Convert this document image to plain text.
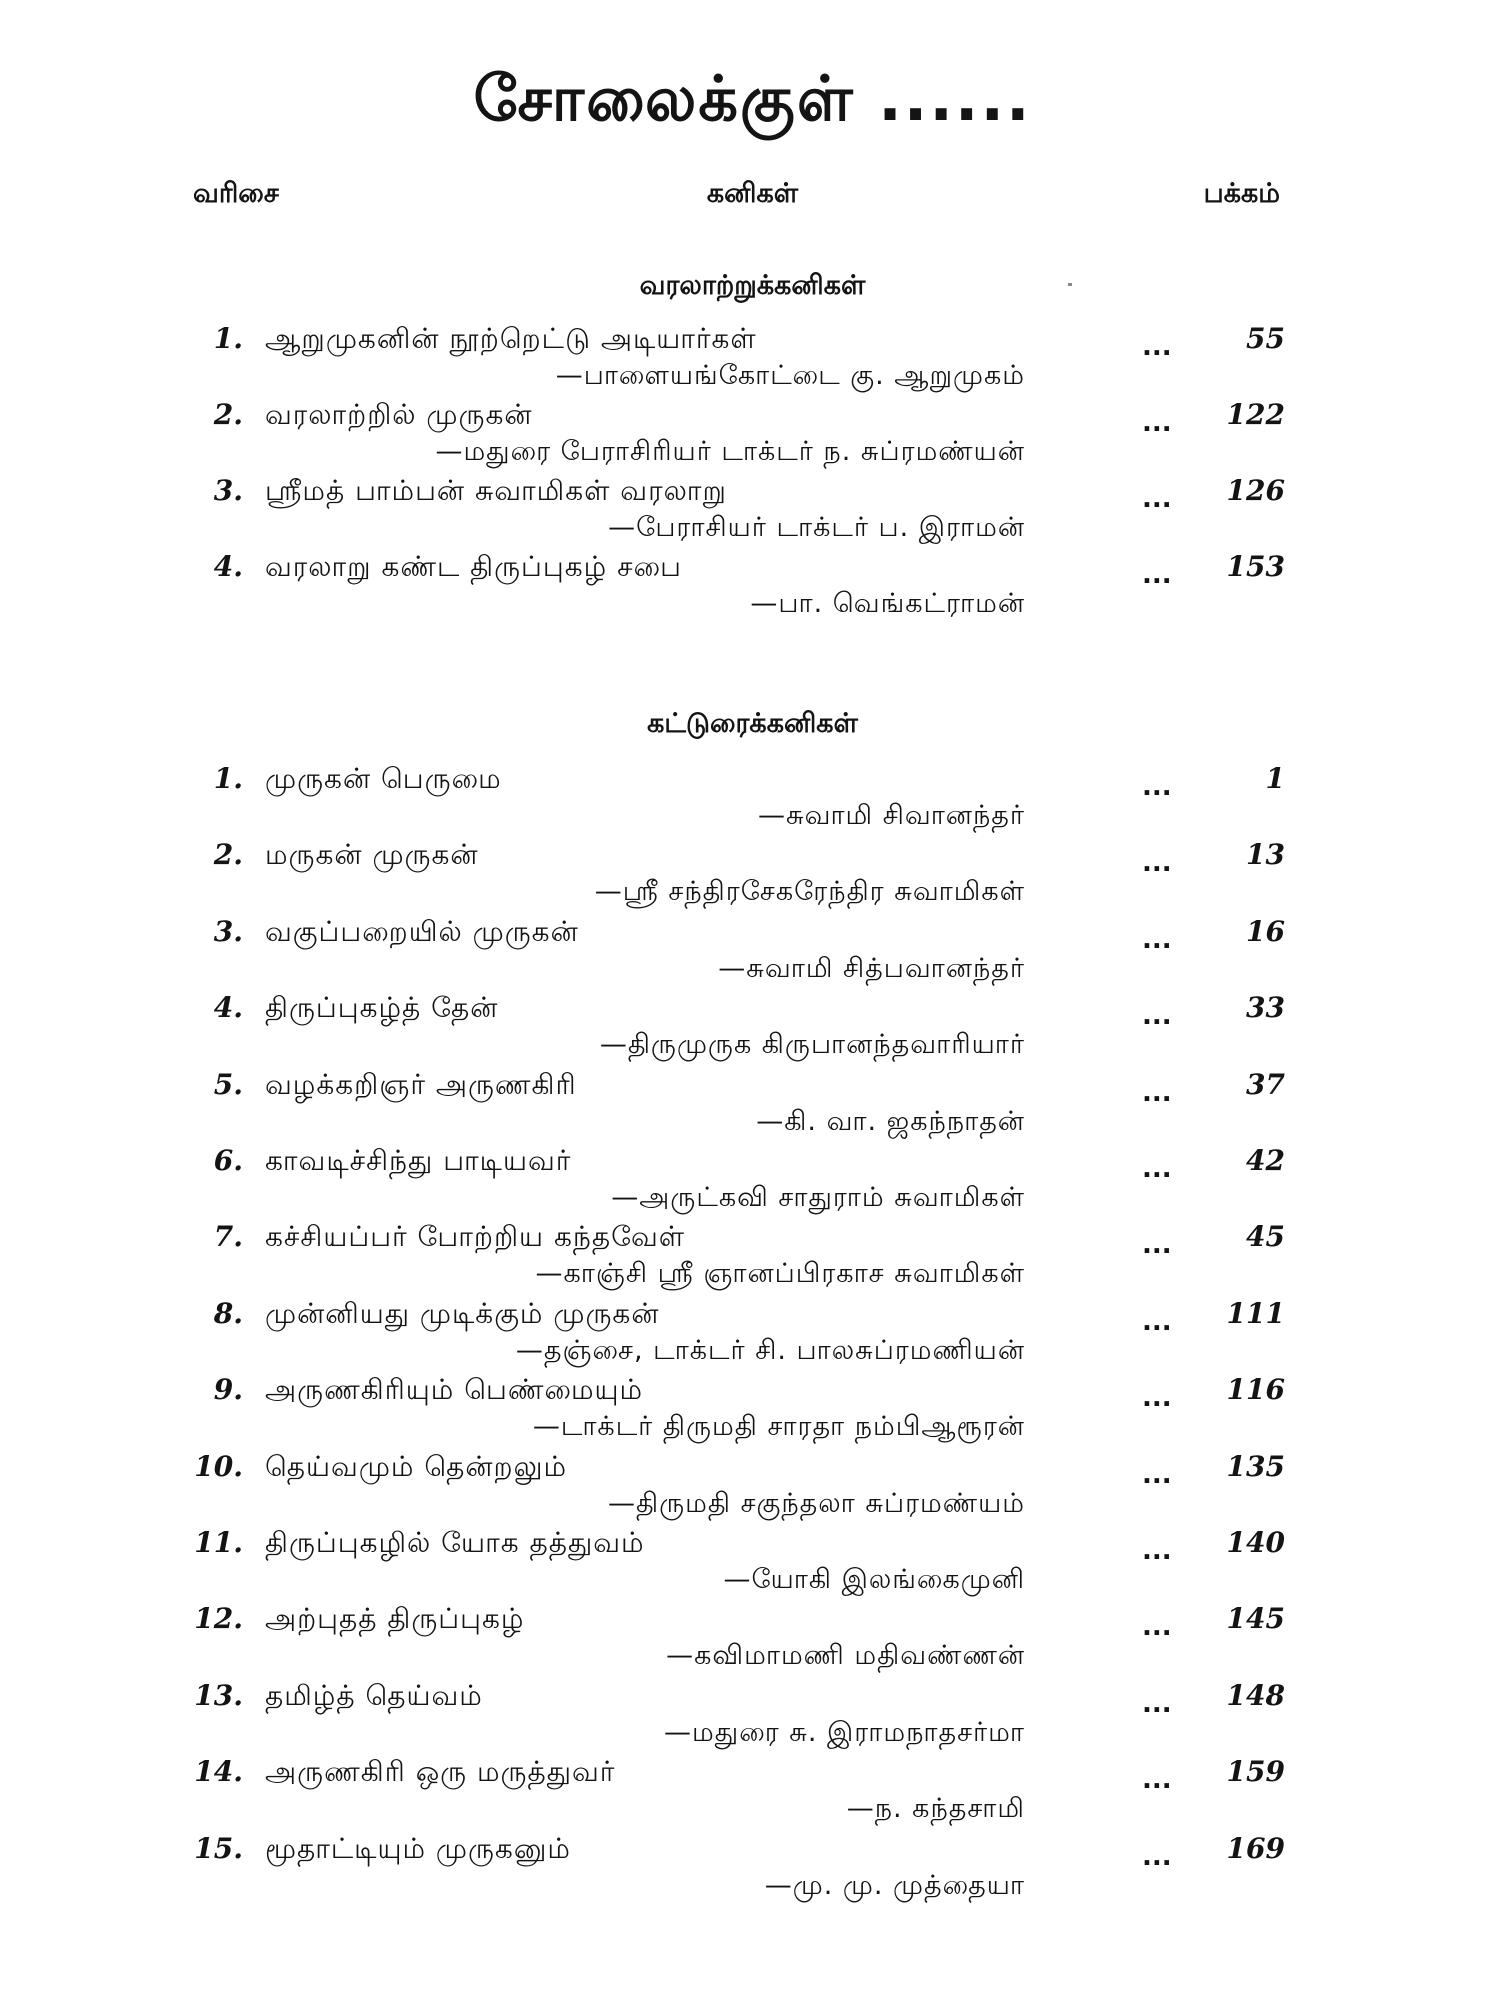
சோலைக்குள் ......
வரிசை	கனிகள்	பக்கம்
வரலாற்றுக்கனிகள்
1. ஆறுமுகனின் நூற்றெட்டு அடியார்கள்	...	55
—பாளையங்கோட்டை கு. ஆறுமுகம்
2. வரலாற்றில் முருகன்	... 122
—மதுரை பேராசிரியர் டாக்டர் ந. சுப்ரமண்யன்
3. ஸ்ரீமத் பாம்பன் சுவாமிகள் வரலாறு	... 126
—பேராசியர் டாக்டர் ப. இராமன்
4. வரலாறு கண்ட திருப்புகழ் சபை	... 153
—பா. வெங்கட்ராமன்
கட்டுரைக்கனிகள்
1. முருகன் பெருமை	...	1
—சுவாமி சிவானந்தர்
2. மருகன் முருகன்	...	13
—ஸ்ரீ சந்திரசேகரேந்திர சுவாமிகள்
3. வகுப்பறையில் முருகன்	...	16
—சுவாமி சித்பவானந்தர்
4. திருப்புகழ்த் தேன்	...	33
—திருமுருக கிருபானந்தவாரியார்
5. வழக்கறிஞர் அருணகிரி	...	37
—கி. வா. ஜகந்நாதன்
6. காவடிச்சிந்து பாடியவர்	...	42
—அருட்கவி சாதுராம் சுவாமிகள்
7. கச்சியப்பர் போற்றிய கந்தவேள்	...	45
—காஞ்சி ஸ்ரீ ஞானப்பிரகாச சுவாமிகள்
8. முன்னியது முடிக்கும் முருகன்	... 111
—தஞ்சை, டாக்டர் சி. பாலசுப்ரமணியன்
9. அருணகிரியும் பெண்மையும்	... 116
—டாக்டர் திருமதி சாரதா நம்பிஆரூரன்
10. தெய்வமும் தென்றலும்	... 135
—திருமதி சகுந்தலா சுப்ரமண்யம்
11. திருப்புகழில் யோக தத்துவம்	... 140
—யோகி இலங்கைமுனி
12. அற்புதத் திருப்புகழ்	... 145
—கவிமாமணி மதிவண்ணன்
13. தமிழ்த் தெய்வம்	... 148
—மதுரை சு. இராமநாதசர்மா
14. அருணகிரி ஒரு மருத்துவர்	... 159
—ந. கந்தசாமி
15. மூதாட்டியும் முருகனும்	... 169
—மு. மு. முத்தையா
